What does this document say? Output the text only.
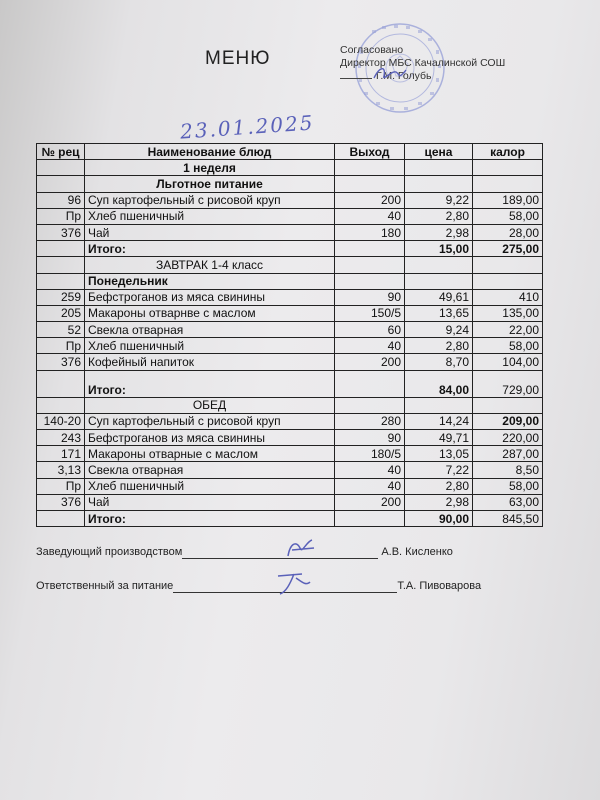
МЕНЮ	Согласовано
Директор МБС Качалинской СОШ
Г.М. Голубь
23.01.2025
№ рец	Наименование блюд	Выход	цена	калор
	1 неделя			
	Льготное питание			
96	Суп картофельный с рисовой круп	200	9,22	189,00
Пр	Хлеб пшеничный	40	2,80	58,00
376	Чай	180	2,98	28,00
	Итого:		15,00	275,00
	ЗАВТРАК 1-4 класс			
	Понедельник			
259	Бефстроганов из мяса свинины	90	49,61	410
205	Макароны отварнве с маслом	150/5	13,65	135,00
52	Свекла отварная	60	9,24	22,00
Пр	Хлеб пшеничный	40	2,80	58,00
376	Кофейный напиток	200	8,70	104,00
	Итого:		84,00	729,00
	ОБЕД			
140-20	Суп картофельный с рисовой круп	280	14,24	209,00
243	Бефстроганов из мяса свинины	90	49,71	220,00
171	Макароны отварные с маслом	180/5	13,05	287,00
3,13	Свекла отварная	40	7,22	8,50
Пр	Хлеб пшеничный	40	2,80	58,00
376	Чай	200	2,98	63,00
	Итого:		90,00	845,50
Заведующий производством	А.В. Кисленко
Ответственный за питание	Т.А. Пивоварова
